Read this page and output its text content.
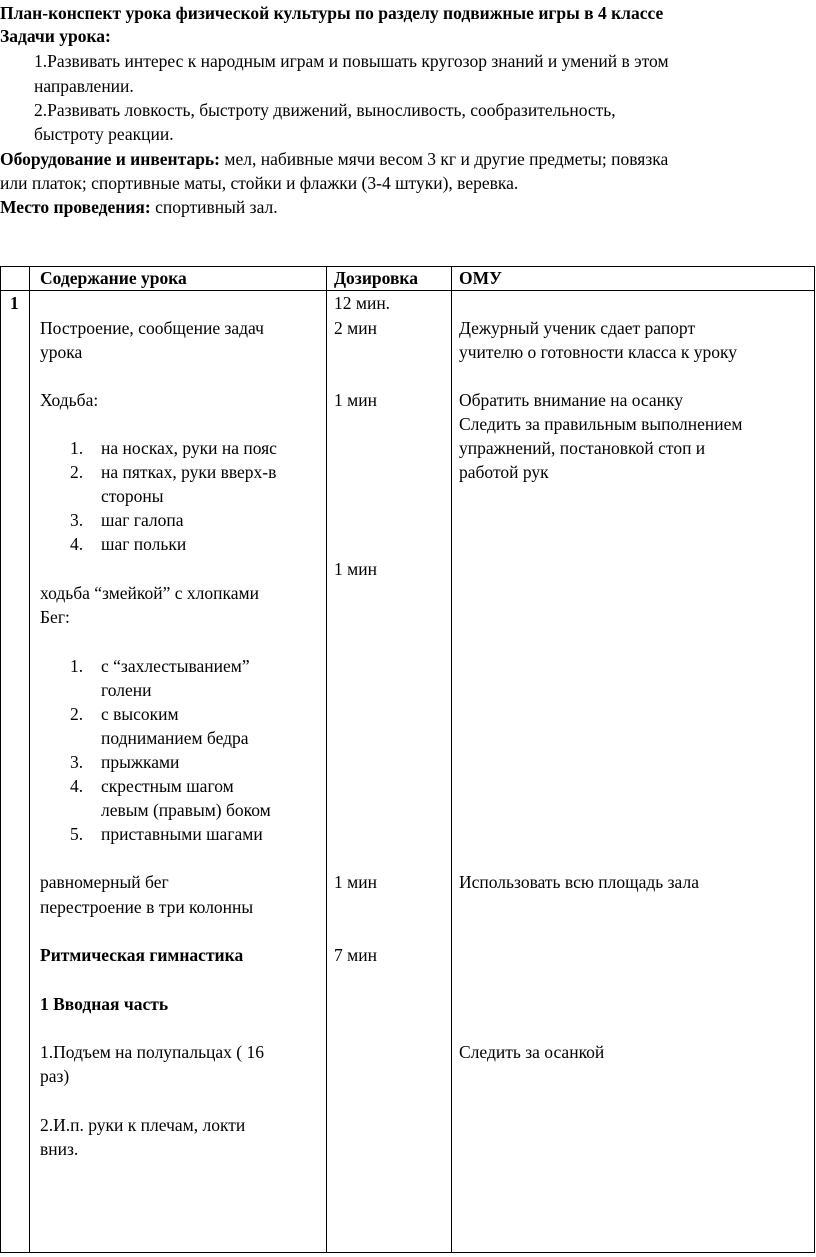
План-конспект урока физической культуры по разделу подвижные игры в 4 классе
Задачи урока:
1.Развивать интерес к народным играм и повышать кругозор знаний и умений в этом
направлении.
2.Развивать ловкость, быстроту движений, выносливость, сообразительность,
быстроту реакции.
Оборудование и инвентарь: мел, набивные мячи весом 3 кг и другие предметы; повязка
или платок; спортивные маты, стойки и флажки (3-4 штуки), веревка.
Место проведения: спортивный зал.
Содержание урока	Дозировка ОМУ
1
Построение, сообщение задач
урока
Ходьба:
1. на носках, руки на пояс
2. на пятках, руки вверх-в
стороны
3. шаг галопа
4. шаг польки
ходьба “змейкой” с хлопками
Бег:
1. с “захлестыванием”
голени
2. с высоким
подниманием бедра
3. прыжками
4. скрестным шагом
левым (правым) боком
5. приставными шагами
равномерный бег
перестроение в три колонны
Ритмическая гимнастика
1 Вводная часть
1.Подъем на полупальцах ( 16
раз)
2.И.п. руки к плечам, локти
вниз.
12 мин.
2 мин
1 мин
1 мин
1 мин
7 мин
Дежурный ученик сдает рапорт
учителю о готовности класса к уроку
Обратить внимание на осанку
Следить за правильным выполнением
упражнений, постановкой стоп и
работой рук
Использовать всю площадь зала
Следить за осанкой
